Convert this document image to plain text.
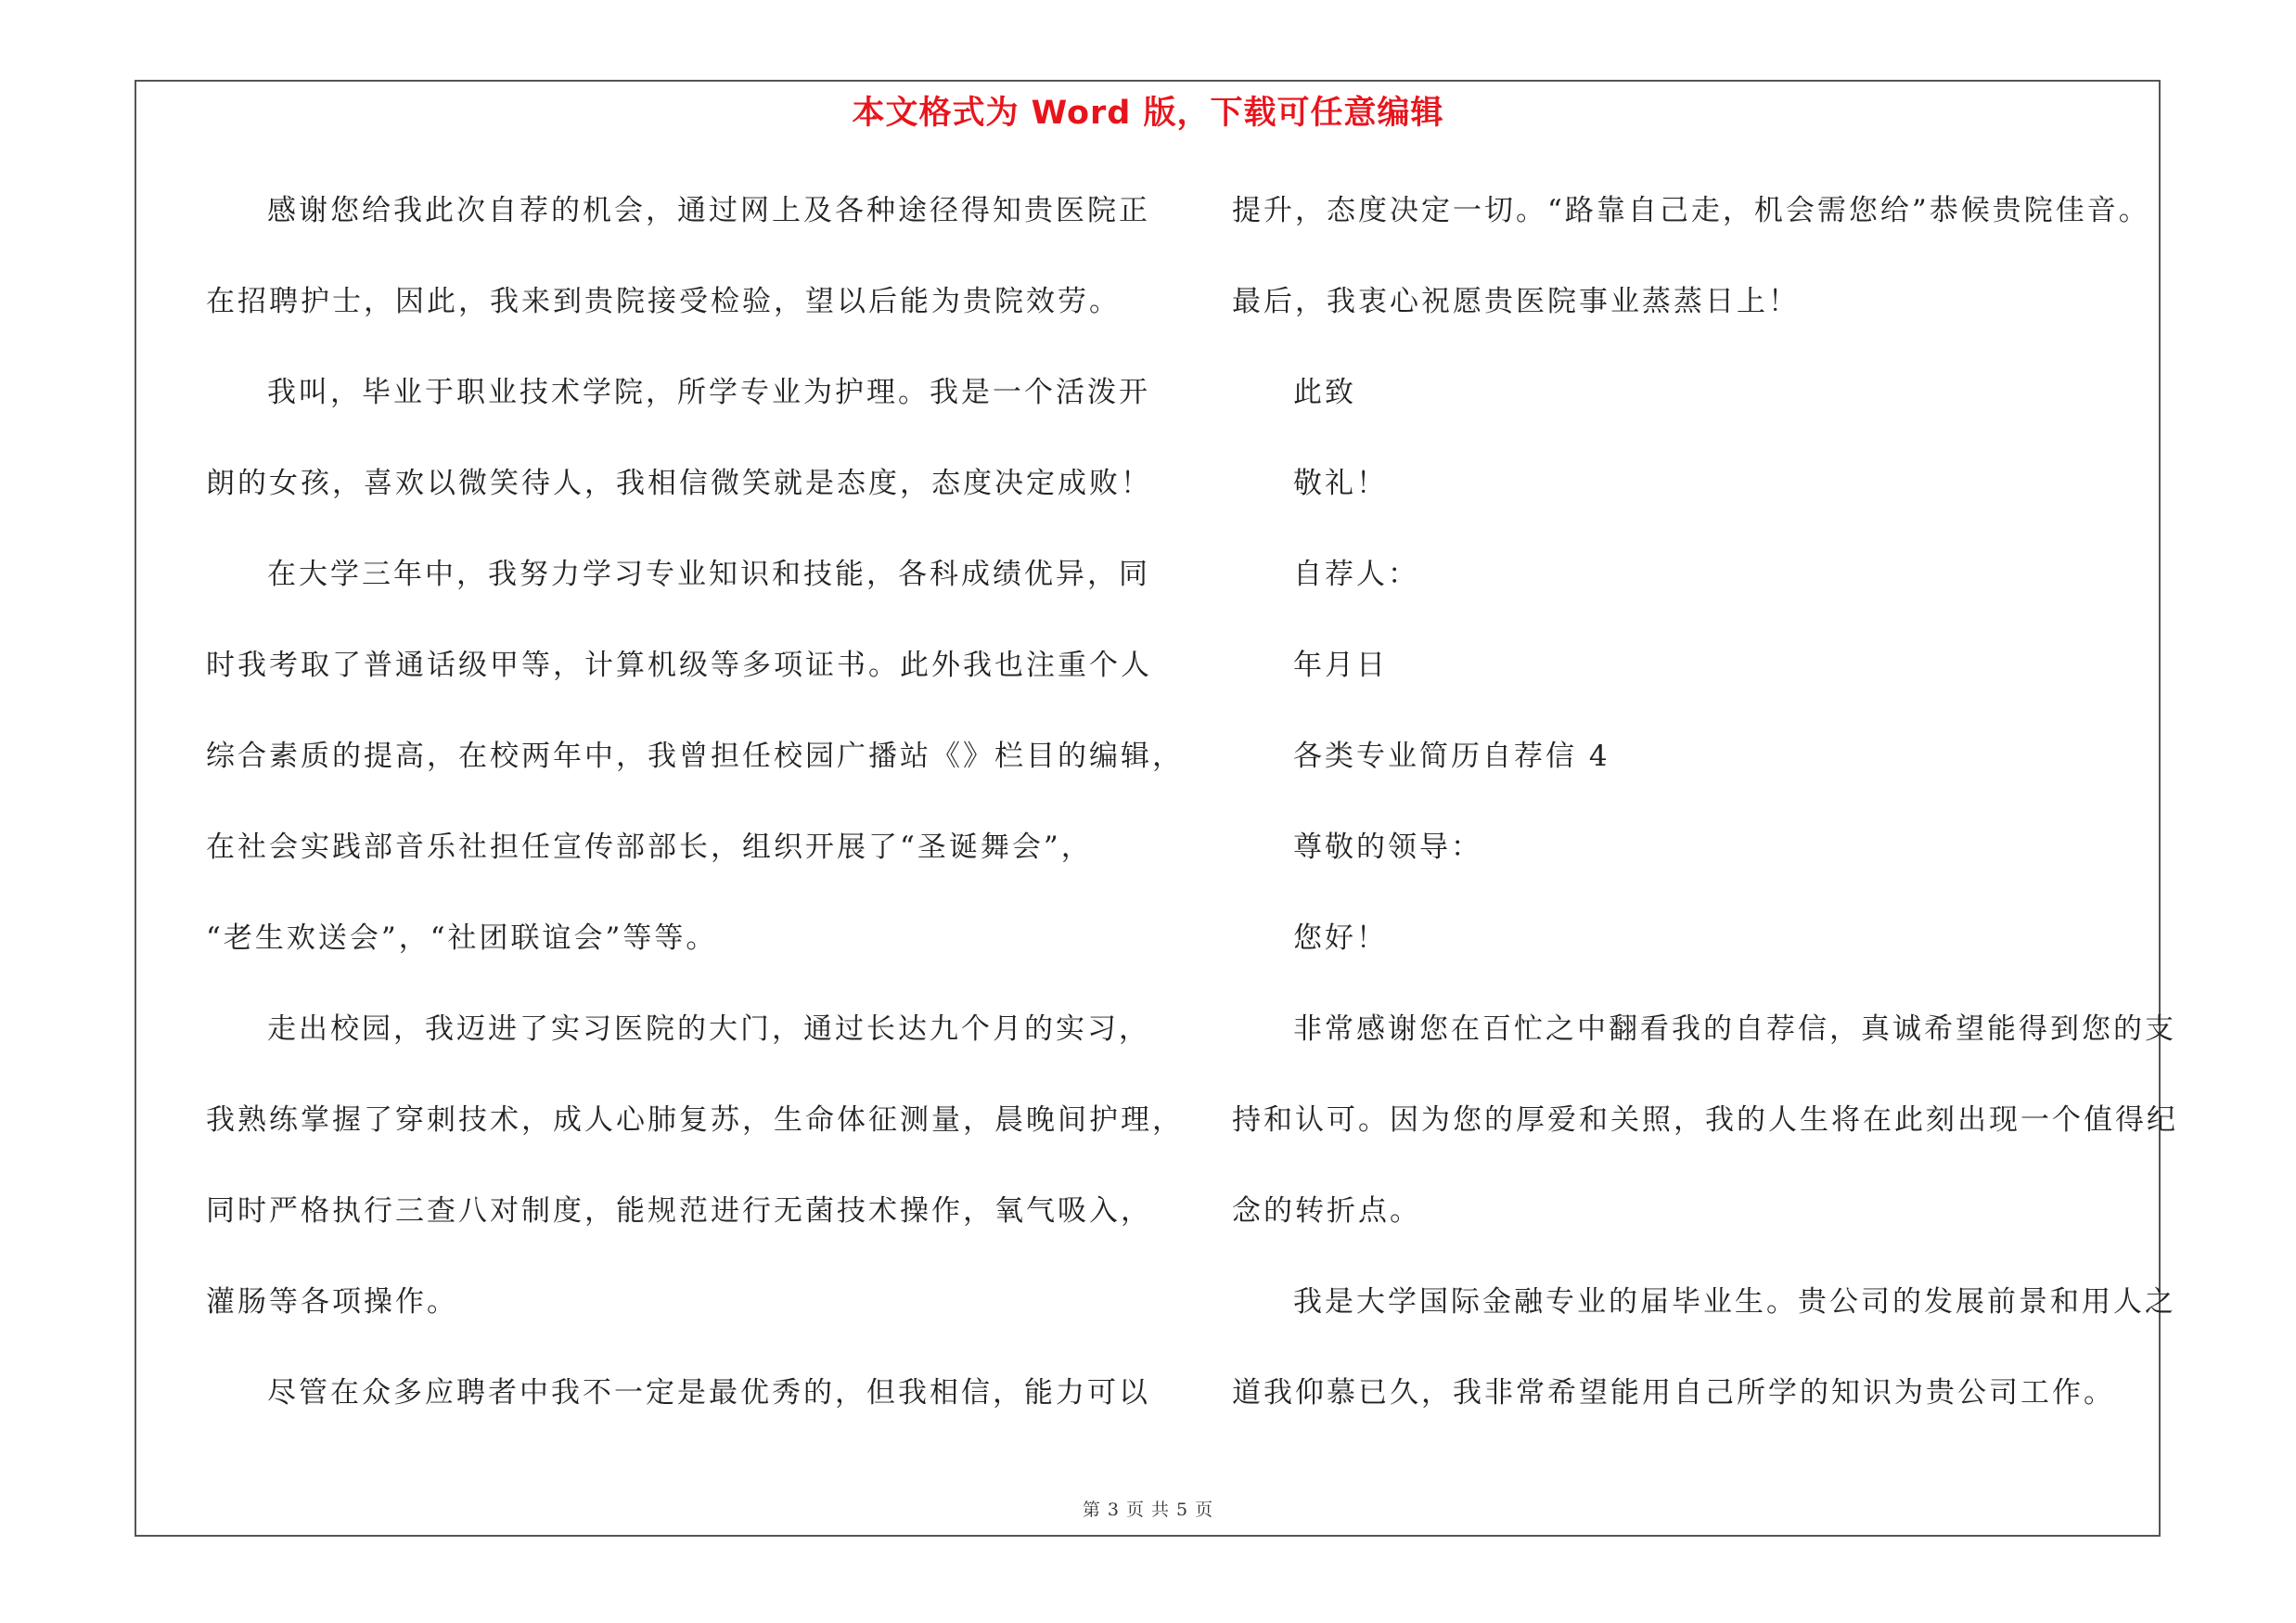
本文格式为 Word 版，下载可任意编辑
感谢您给我此次自荐的机会，通过网上及各种途径得知贵医院正
在招聘护士，因此，我来到贵院接受检验，望以后能为贵院效劳。
我叫，毕业于职业技术学院，所学专业为护理。我是一个活泼开
朗的女孩，喜欢以微笑待人，我相信微笑就是态度，态度决定成败！
在大学三年中，我努力学习专业知识和技能，各科成绩优异，同
时我考取了普通话级甲等，计算机级等多项证书。此外我也注重个人
综合素质的提高，在校两年中，我曾担任校园广播站《》栏目的编辑，
在社会实践部音乐社担任宣传部部长，组织开展了“圣诞舞会”，
“老生欢送会”，“社团联谊会”等等。
走出校园，我迈进了实习医院的大门，通过长达九个月的实习，
我熟练掌握了穿刺技术，成人心肺复苏，生命体征测量，晨晚间护理，
同时严格执行三查八对制度，能规范进行无菌技术操作，氧气吸入，
灌肠等各项操作。
尽管在众多应聘者中我不一定是最优秀的，但我相信，能力可以
提升，态度决定一切。“路靠自己走，机会需您给”恭候贵院佳音。
最后，我衷心祝愿贵医院事业蒸蒸日上！
此致
敬礼！
自荐人：
年月日
各类专业简历自荐信 4
尊敬的领导：
您好！
非常感谢您在百忙之中翻看我的自荐信，真诚希望能得到您的支
持和认可。因为您的厚爱和关照，我的人生将在此刻出现一个值得纪
念的转折点。
我是大学国际金融专业的届毕业生。贵公司的发展前景和用人之
道我仰慕已久，我非常希望能用自己所学的知识为贵公司工作。
第 3 页 共 5 页
